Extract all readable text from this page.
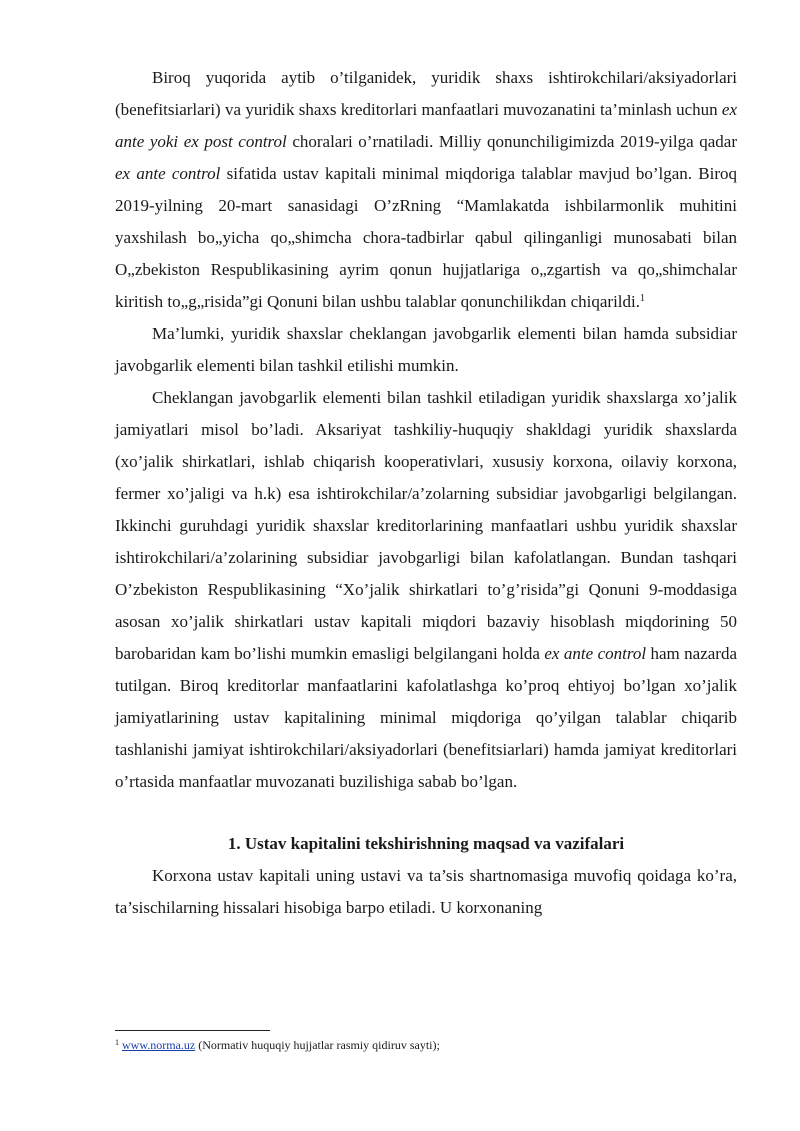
Biroq yuqorida aytib o’tilganidek, yuridik shaxs ishtirokchilari/aksiyadorlari (benefitsiarlari) va yuridik shaxs kreditorlari manfaatlari muvozanatini ta’minlash uchun ex ante yoki ex post control choralari o’rnatiladi. Milliy qonunchiligimizda 2019-yilga qadar ex ante control sifatida ustav kapitali minimal miqdoriga talablar mavjud bo’lgan. Biroq 2019-yilning 20-mart sanasidagi O’zRning “Mamlakatda ishbilarmonlik muhitini yaxshilash bo„yicha qo„shimcha chora-tadbirlar qabul qilinganligi munosabati bilan O„zbekiston Respublikasining ayrim qonun hujjatlariga o„zgartish va qo„shimchalar kiritish to„g„risida”gi Qonuni bilan ushbu talablar qonunchilikdan chiqarildi.$^1$

Ma’lumki, yuridik shaxslar cheklangan javobgarlik elementi bilan hamda subsidiar javobgarlik elementi bilan tashkil etilishi mumkin.

Cheklangan javobgarlik elementi bilan tashkil etiladigan yuridik shaxslarga xo’jalik jamiyatlari misol bo’ladi. Aksariyat tashkiliy-huquqiy shakldagi yuridik shaxslarda (xo’jalik shirkatlari, ishlab chiqarish kooperativlari, xususiy korxona, oilaviy korxona, fermer xo’jaligi va h.k) esa ishtirokchilar/a’zolarning subsidiar javobgarligi belgilangan. Ikkinchi guruhdagi yuridik shaxslar kreditorlarining manfaatlari ushbu yuridik shaxslar ishtirokchilari/a’zolarining subsidiar javobgarligi bilan kafolatlangan. Bundan tashqari O’zbekiston Respublikasining “Xo’jalik shirkatlari to’g’risida”gi Qonuni 9-moddasiga asosan xo’jalik shirkatlari ustav kapitali miqdori bazaviy hisoblash miqdorining 50 barobaridan kam bo’lishi mumkin emasligi belgilangani holda ex ante control ham nazarda tutilgan. Biroq kreditorlar manfaatlarini kafolatlashga ko’proq ehtiyoj bo’lgan xo’jalik jamiyatlarining ustav kapitalining minimal miqdoriga qo’yilgan talablar chiqarib tashlanishi jamiyat ishtirokchilari/aksiyadorlari (benefitsiarlari) hamda jamiyat kreditorlari o’rtasida manfaatlar muvozanati buzilishiga sabab bo’lgan.

1. Ustav kapitalini tekshirishning maqsad va vazifalari

Korxona ustav kapitali uning ustavi va ta’sis shartnomasiga muvofiq qoidaga ko’ra, ta’sischilarning hissalari hisobiga barpo etiladi. U korxonaning

$^1$ www.norma.uz (Normativ huquqiy hujjatlar rasmiy qidiruv sayti);
